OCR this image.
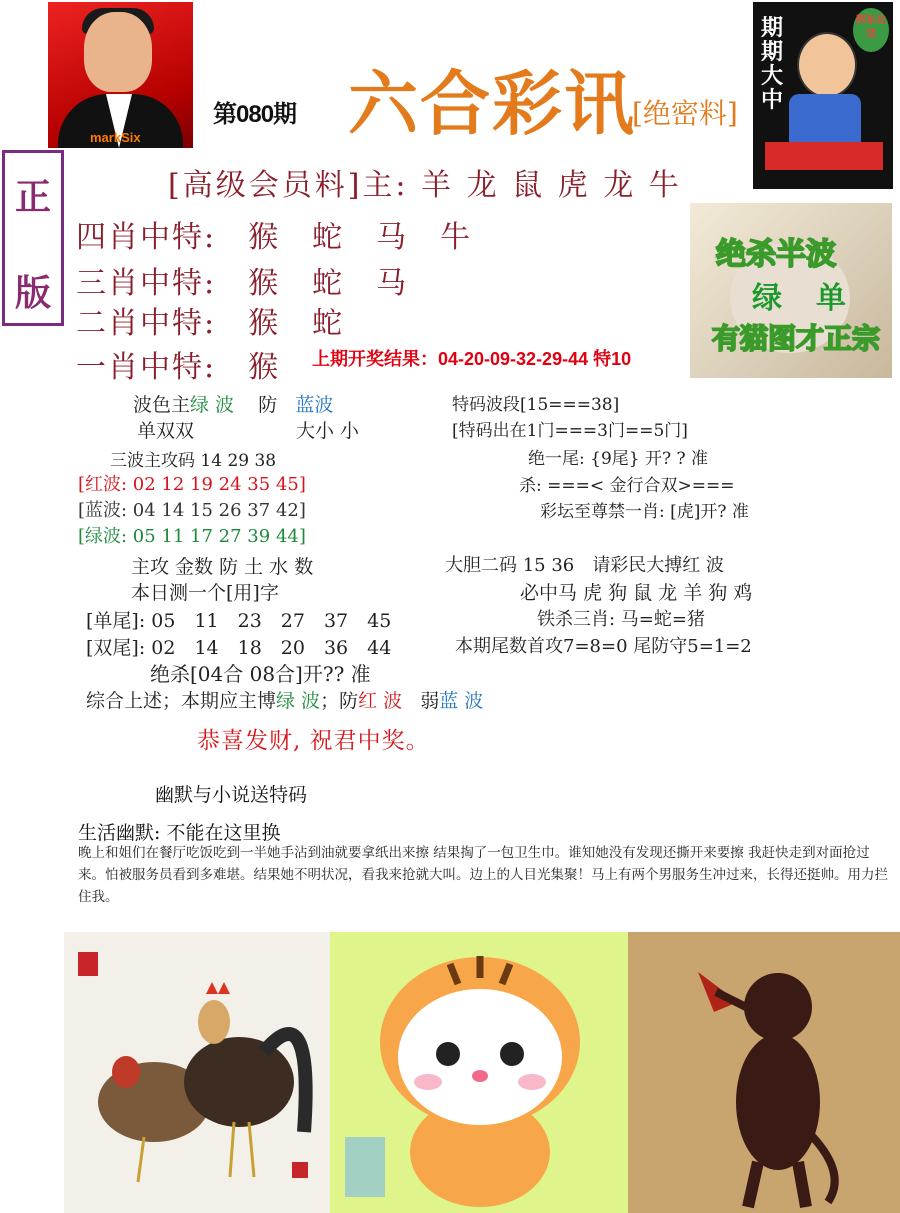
markSix
第080期 六合彩讯
[绝密料]
期期大中
阿东北话
正
版
[高级会员料]主: 羊 龙 鼠 虎 龙 牛
四肖中特:　猴　蛇　马　牛
三肖中特:　猴　蛇　马
二肖中特:　猴　蛇
一肖中特:　猴
绝杀半波
绿单
有猫图才正宗
上期开奖结果：04-20-09-32-29-44 特10
波色主绿 波 防 蓝波
单双双	大小 小
三波主攻码 14 29 38
[红波: 02 12 19 24 35 45]
[蓝波: 04 14 15 26 37 42]
[绿波: 05 11 17 27 39 44]
主攻 金数 防 土 水 数
本日测一个[用]字
[单尾]: 05　11　23　27　37　45
[双尾]: 02　14　18　20　36　44
绝杀[04合 08合]开?? 准
综合上述；本期应主博绿 波；防红 波 弱蓝 波
特码波段[15===38]
[特码出在1门===3门==5门]
绝一尾: {9尾} 开? ? 准
杀: ===< 金行合双>===
彩坛至尊禁一肖: [虎]开? 准
大胆二码 15 36　请彩民大搏红 波
必中马 虎 狗 鼠 龙 羊 狗 鸡
铁杀三肖: 马=蛇=猪
本期尾数首攻7=8=0 尾防守5=1=2
恭喜发财, 祝君中奖。
幽默与小说送特码
生活幽默: 不能在这里换
晚上和姐们在餐厅吃饭吃到一半她手沾到油就要拿纸出来擦 结果掏了一包卫生巾。谁知她没有发现还撕开来要擦 我赶快走到对面抢过来。怕被服务员看到多难堪。结果她不明状况，看我来抢就大叫。边上的人目光集聚！马上有两个男服务生冲过来，长得还挺帅。用力拦住我。
